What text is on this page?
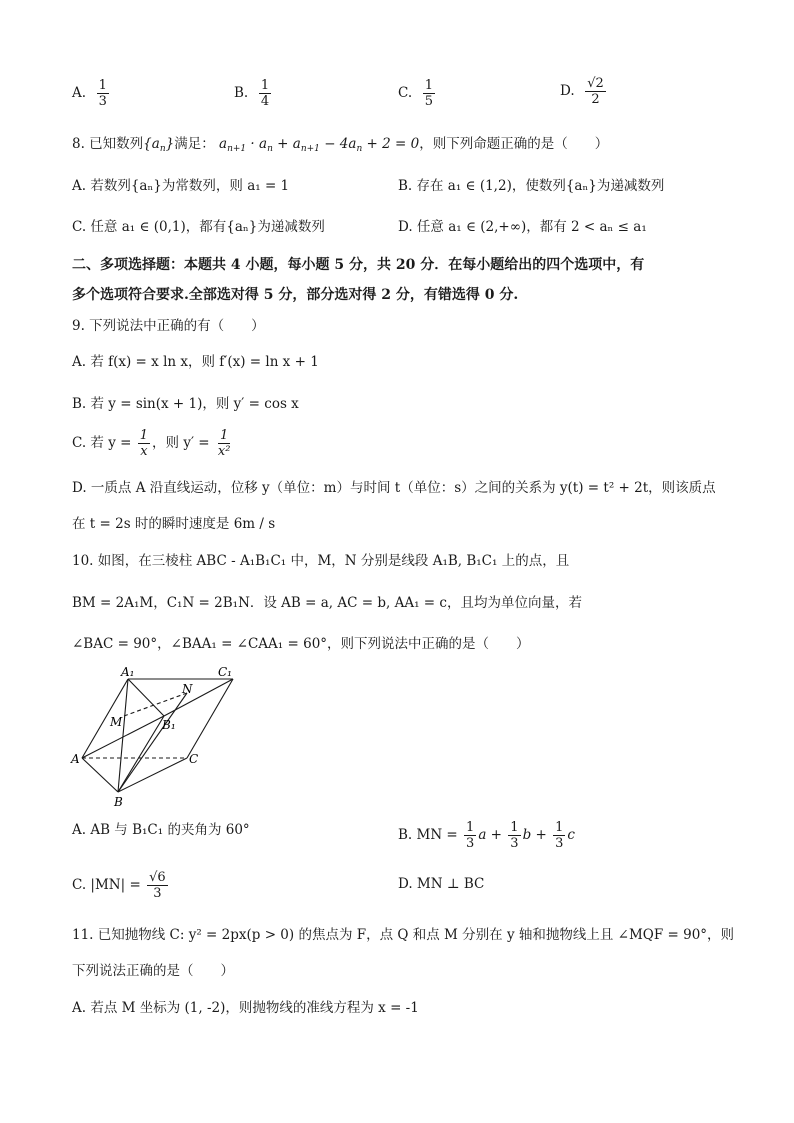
A. $\frac{1}{3}$	B. $\frac{1}{4}$	C. $\frac{1}{5}$	D. $\frac{√2}{2}$
8. 已知数列$\{a_n\}$满足： $a_{n+1} \cdot a_n + a_{n+1} - 4a_n + 2 = 0$，则下列命题正确的是（　　）
A. 若数列{aₙ}为常数列，则 a₁ = 1	B. 存在 a₁ ∈ (1,2)，使数列{aₙ}为递减数列
C. 任意 a₁ ∈ (0,1)，都有{aₙ}为递减数列	D. 任意 a₁ ∈ (2,+∞)，都有 2 < aₙ ≤ a₁
二、多项选择题：本题共 4 小题，每小题 5 分，共 20 分．在每小题给出的四个选项中，有
多个选项符合要求.全部选对得 5 分，部分选对得 2 分，有错选得 0 分.
9. 下列说法中正确的有（　　）
A. 若 f(x) = x ln x，则 f′(x) = ln x + 1
B. 若 y = sin(x + 1)，则 y′ = cos x
C. 若 $y = \frac{1}{x}$ ，则 $y' = \frac{1}{\text{x²}}$
D. 一质点 A 沿直线运动，位移 y（单位：m）与时间 t（单位：s）之间的关系为 y(t) = t² + 2t，则该质点
在 t = 2s 时的瞬时速度是 6m / s
10. 如图，在三棱柱 ABC - A₁B₁C₁ 中，M，N 分别是线段 A₁B, B₁C₁ 上的点，且
BM = 2A₁M，C₁N = 2B₁N．设 AB = a, AC = b, AA₁ = c，且均为单位向量，若
∠BAC = 90°，∠BAA₁ = ∠CAA₁ = 60°，则下列说法中正确的是（　　）
A₁	C₁
N
M	B₁
A	C
B
A. AB 与 B₁C₁ 的夹角为 60°	B. MN = $\frac{1}{3}$ $a + \frac{1}{3}$ $b + \frac{1}{3}$ c
C. $|MN| = \frac{√6}{3}$	D. MN ⊥ BC
11. 已知抛物线 C: y² = 2px(p > 0) 的焦点为 F，点 Q 和点 M 分别在 y 轴和抛物线上且 ∠MQF = 90°，则
下列说法正确的是（　　）
A. 若点 M 坐标为 (1, -2)，则抛物线的准线方程为 x = -1
